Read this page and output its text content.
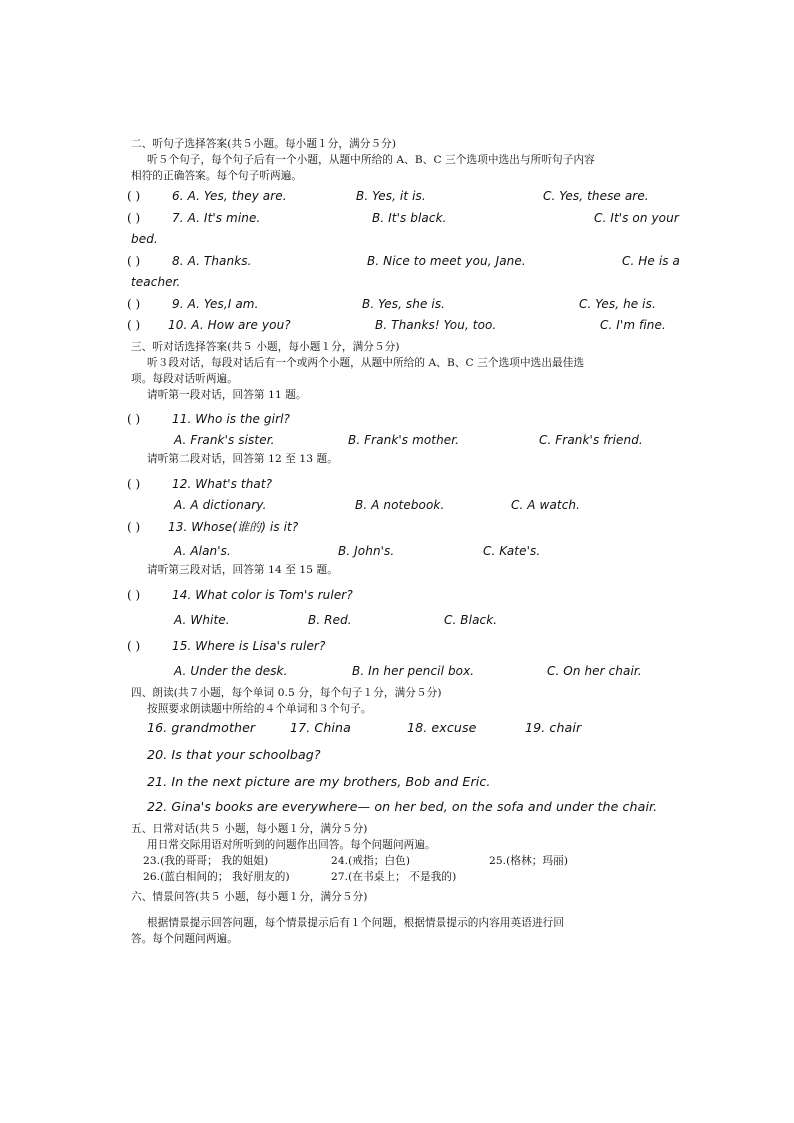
二、听句子选择答案(共５小题。每小题１分，满分５分)
听５个句子，每个句子后有一个小题，从题中所给的 A、B、C 三个选项中选出与所听句子内容
相符的正确答案。每个句子听两遍。
( )	6. A. Yes, they are.	B. Yes, it is.	C. Yes, these are.
( )	7. A. It's mine.	B. It's black.	C. It's on your
bed.
( )	8. A. Thanks.	B. Nice to meet you, Jane.	C. He is a
teacher.
( )	9. A. Yes,I am.	B. Yes, she is.	C. Yes, he is.
( ) 10. A. How are you?	B. Thanks! You, too.	C. I'm fine.
三、听对话选择答案(共５ 小题，每小题１分，满分５分)
听３段对话，每段对话后有一个或两个小题，从题中所给的 A、B、C 三个选项中选出最佳选
项。每段对话听两遍。
请听第一段对话，回答第 11 题。
( )	11. Who is the girl?
A. Frank's sister.	B. Frank's mother.	C. Frank's friend.
请听第二段对话，回答第 12 至 13 题。
( )	12. What's that?
A. A dictionary.	B. A notebook.	C. A watch.
( ) 13. Whose(谁的) is it?
A. Alan's.	B. John's.	C. Kate's.
请听第三段对话，回答第 14 至 15 题。
( )	14. What color is Tom's ruler?
A. White.	B. Red.	C. Black.
( )	15. Where is Lisa's ruler?
A. Under the desk.	B. In her pencil box.	C. On her chair.
四、朗读(共７小题，每个单词 0.5 分，每个句子１分，满分５分)
按照要求朗读题中所给的４个单词和３个句子。
16. grandmother	17. China	18. excuse	19. chair
20. Is that your schoolbag?
21. In the next picture are my brothers, Bob and Eric.
22. Gina's books are everywhere— on her bed, on the sofa and under the chair.
五、日常对话(共５ 小题，每小题１分，满分５分)
用日常交际用语对所听到的问题作出回答。每个问题问两遍。
23.(我的哥哥； 我的姐姐)	24.(戒指；白色)	25.(格林；玛丽)
26.(蓝白相间的； 我好朋友的)	27.(在书桌上； 不是我的)
六、情景问答(共５ 小题，每小题１分，满分５分)
根据情景提示回答问题，每个情景提示后有１个问题，根据情景提示的内容用英语进行回
答。每个问题问两遍。
